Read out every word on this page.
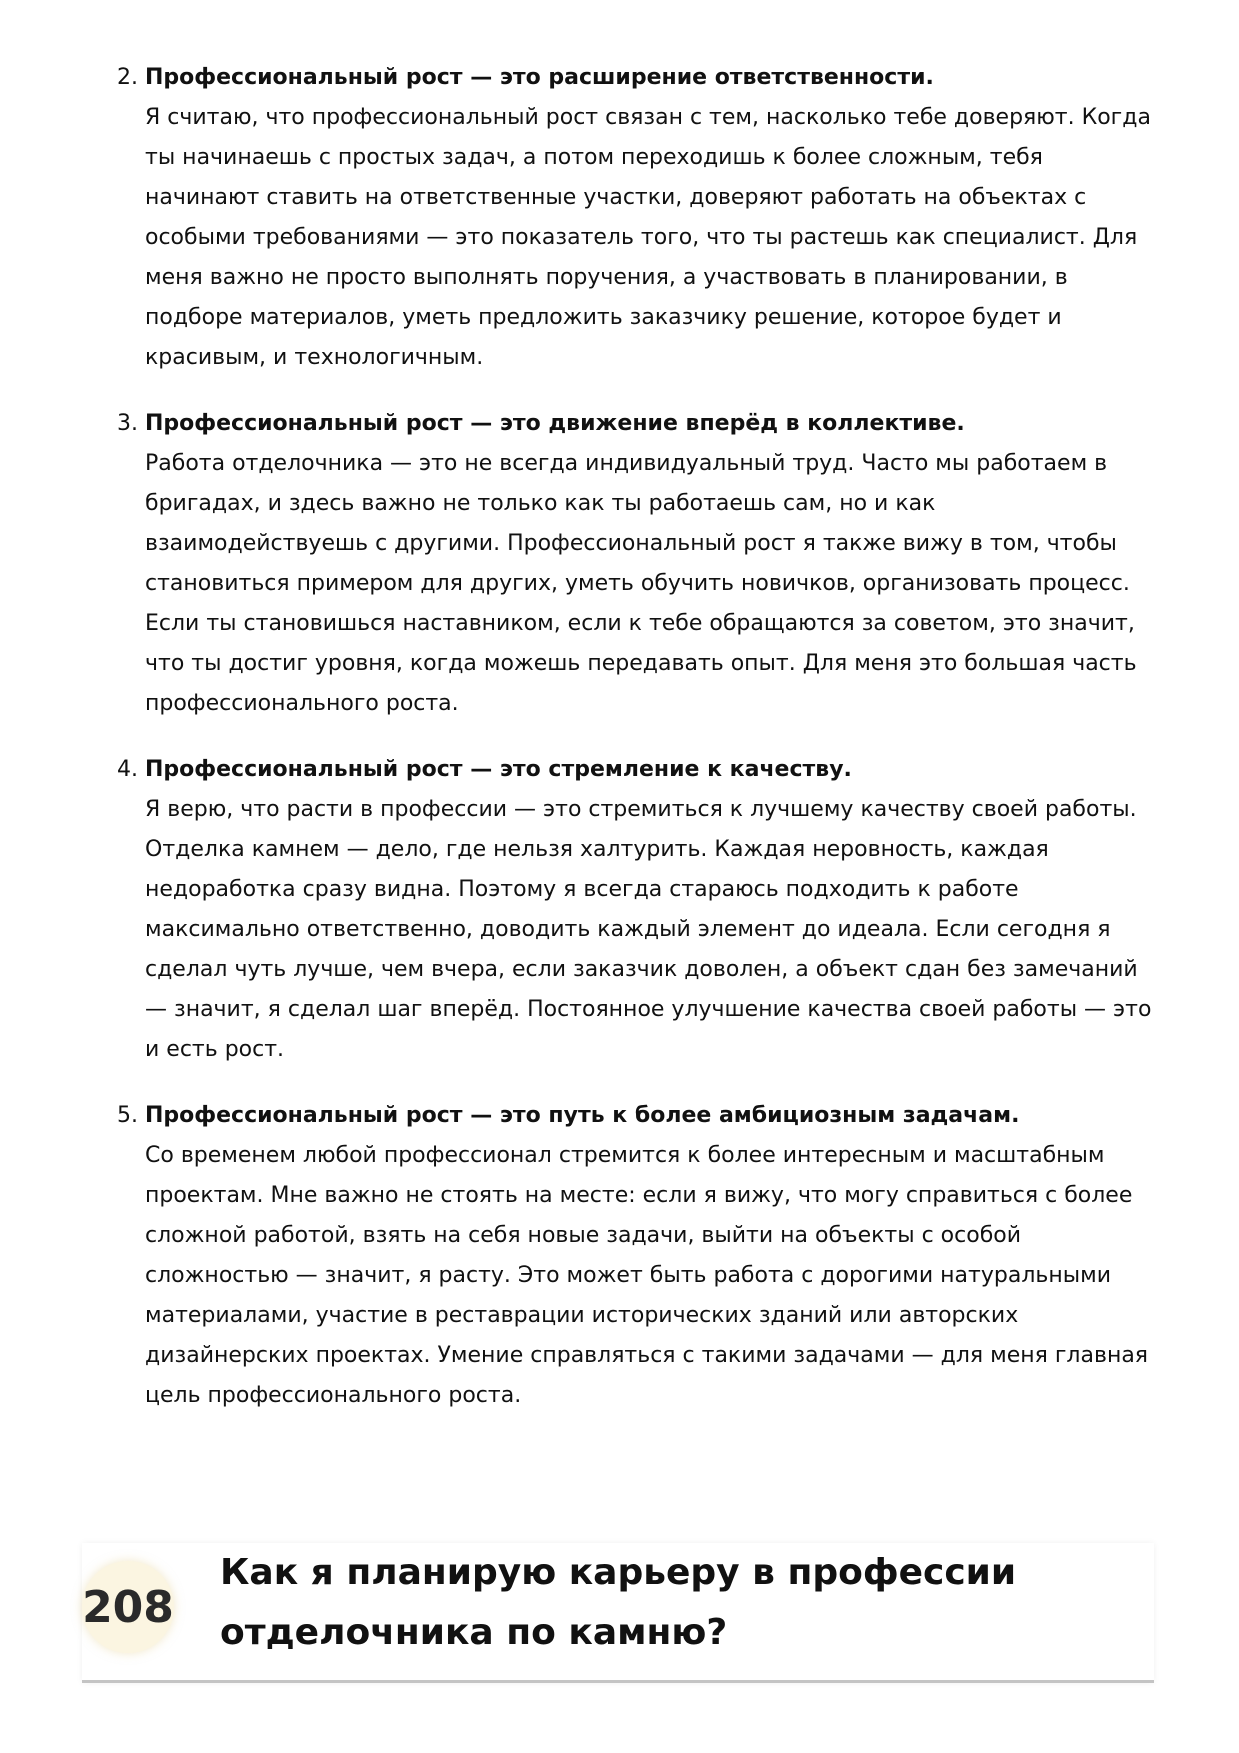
2. Профессиональный рост — это расширение ответственности.

Я считаю, что профессиональный рост связан с тем, насколько тебе доверяют. Когда ты начинаешь с простых задач, а потом переходишь к более сложным, тебя начинают ставить на ответственные участки, доверяют работать на объектах с особыми требованиями — это показатель того, что ты растешь как специалист. Для меня важно не просто выполнять поручения, а участвовать в планировании, в подборе материалов, уметь предложить заказчику решение, которое будет и красивым, и технологичным.

3. Профессиональный рост — это движение вперёд в коллективе.

Работа отделочника — это не всегда индивидуальный труд. Часто мы работаем в бригадах, и здесь важно не только как ты работаешь сам, но и как взаимодействуешь с другими. Профессиональный рост я также вижу в том, чтобы становиться примером для других, уметь обучить новичков, организовать процесс. Если ты становишься наставником, если к тебе обращаются за советом, это значит, что ты достиг уровня, когда можешь передавать опыт. Для меня это большая часть профессионального роста.

4. Профессиональный рост — это стремление к качеству.

Я верю, что расти в профессии — это стремиться к лучшему качеству своей работы. Отделка камнем — дело, где нельзя халтурить. Каждая неровность, каждая недоработка сразу видна. Поэтому я всегда стараюсь подходить к работе максимально ответственно, доводить каждый элемент до идеала. Если сегодня я сделал чуть лучше, чем вчера, если заказчик доволен, а объект сдан без замечаний — значит, я сделал шаг вперёд. Постоянное улучшение качества своей работы — это и есть рост.

5. Профессиональный рост — это путь к более амбициозным задачам.

Со временем любой профессионал стремится к более интересным и масштабным проектам. Мне важно не стоять на месте: если я вижу, что могу справиться с более сложной работой, взять на себя новые задачи, выйти на объекты с особой сложностью — значит, я расту. Это может быть работа с дорогими натуральными материалами, участие в реставрации исторических зданий или авторских дизайнерских проектах. Умение справляться с такими задачами — для меня главная цель профессионального роста.

208
Как я планирую карьеру в профессии отделочника по камню?
